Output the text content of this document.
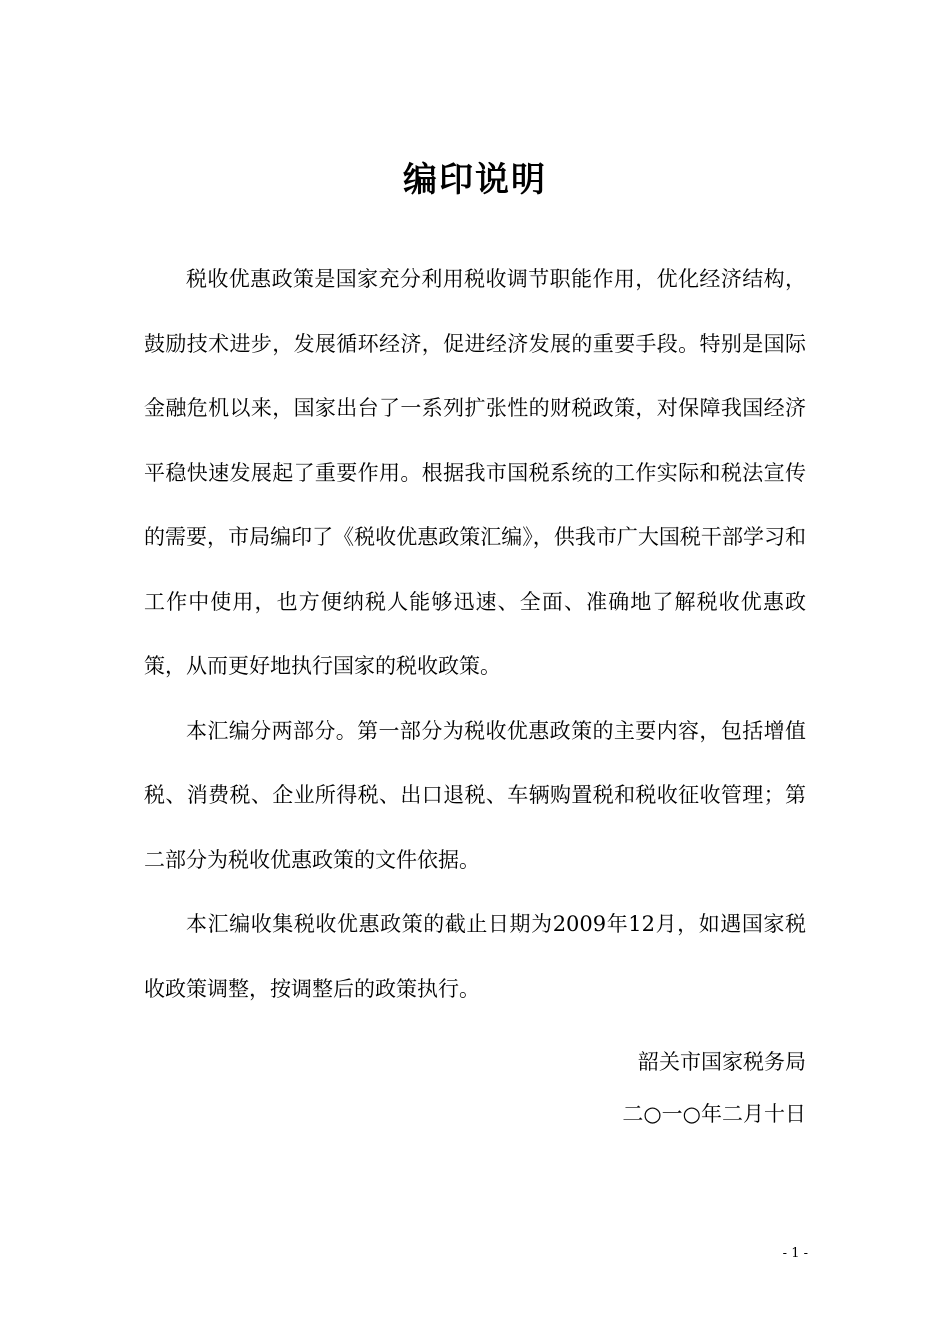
编印说明

税收优惠政策是国家充分利用税收调节职能作用，优化经济结构，鼓励技术进步，发展循环经济，促进经济发展的重要手段。特别是国际金融危机以来，国家出台了一系列扩张性的财税政策，对保障我国经济平稳快速发展起了重要作用。根据我市国税系统的工作实际和税法宣传的需要，市局编印了《税收优惠政策汇编》，供我市广大国税干部学习和工作中使用，也方便纳税人能够迅速、全面、准确地了解税收优惠政策，从而更好地执行国家的税收政策。

本汇编分两部分。第一部分为税收优惠政策的主要内容，包括增值税、消费税、企业所得税、出口退税、车辆购置税和税收征收管理；第二部分为税收优惠政策的文件依据。

本汇编收集税收优惠政策的截止日期为2009年12月，如遇国家税收政策调整，按调整后的政策执行。

韶关市国家税务局
二○一○年二月十日
- 1 -
